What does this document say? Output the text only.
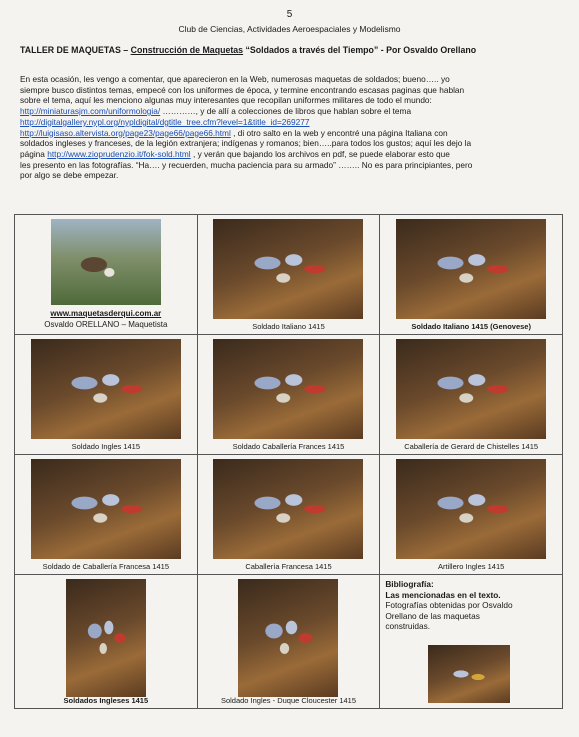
5
Club de Ciencias, Actividades Aeroespaciales y Modelismo
TALLER DE MAQUETAS – Construcción de Maquetas “Soldados a través del Tiempo” - Por Osvaldo Orellano

En esta ocasión, les vengo a comentar, que aparecieron en la Web, numerosas maquetas de soldados; bueno….. yo

siempre busco distintos temas, empecé con los uniformes de época, y termine encontrando escasas paginas que hablan

sobre el tema, aquí les menciono algunas muy interesantes que recopilan uniformes militares de todo el mundo:

http://miniaturasjm.com/uniformologia/ …………, y de allí a colecciones de libros que hablan sobre el tema

http://digitalgallery.nypl.org/nypldigital/dgtitle_tree.cfm?level=1&title_id=269277

http://luigisaso.altervista.org/page23/page66/page66.html , di otro salto en la web y encontré una página Italiana con

soldados ingleses y franceses, de la legión extranjera; indígenas y romanos; bien…..para todos los gustos; aquí les dejo la

página http://www.zioprudenzio.it/fok-sold.html , y verán que bajando los archivos en pdf, se puede elaborar esto que

les presento en las fotografías. “Ha…. y recuerden, mucha paciencia para su armado” …….. No es para principiantes, pero

por algo se debe empezar.

www.maquetasderqui.com.ar
Osvaldo ORELLANO – Maquetista	Soldado Italiano 1415	Soldado Italiano 1415 (Genovese)

Soldado Ingles 1415	Soldado Caballería Frances 1415	Caballería de Gerard de Chistelles 1415

Soldado de Caballería Francesa 1415	Caballería Francesa 1415	Artillero Ingles 1415

Soldados Ingleses 1415	Soldado Ingles - Duque Cloucester 1415	Bibliografía:
Las mencionadas en el texto.
Fotografías obtenidas por Osvaldo
Orellano de las maquetas
construidas.
